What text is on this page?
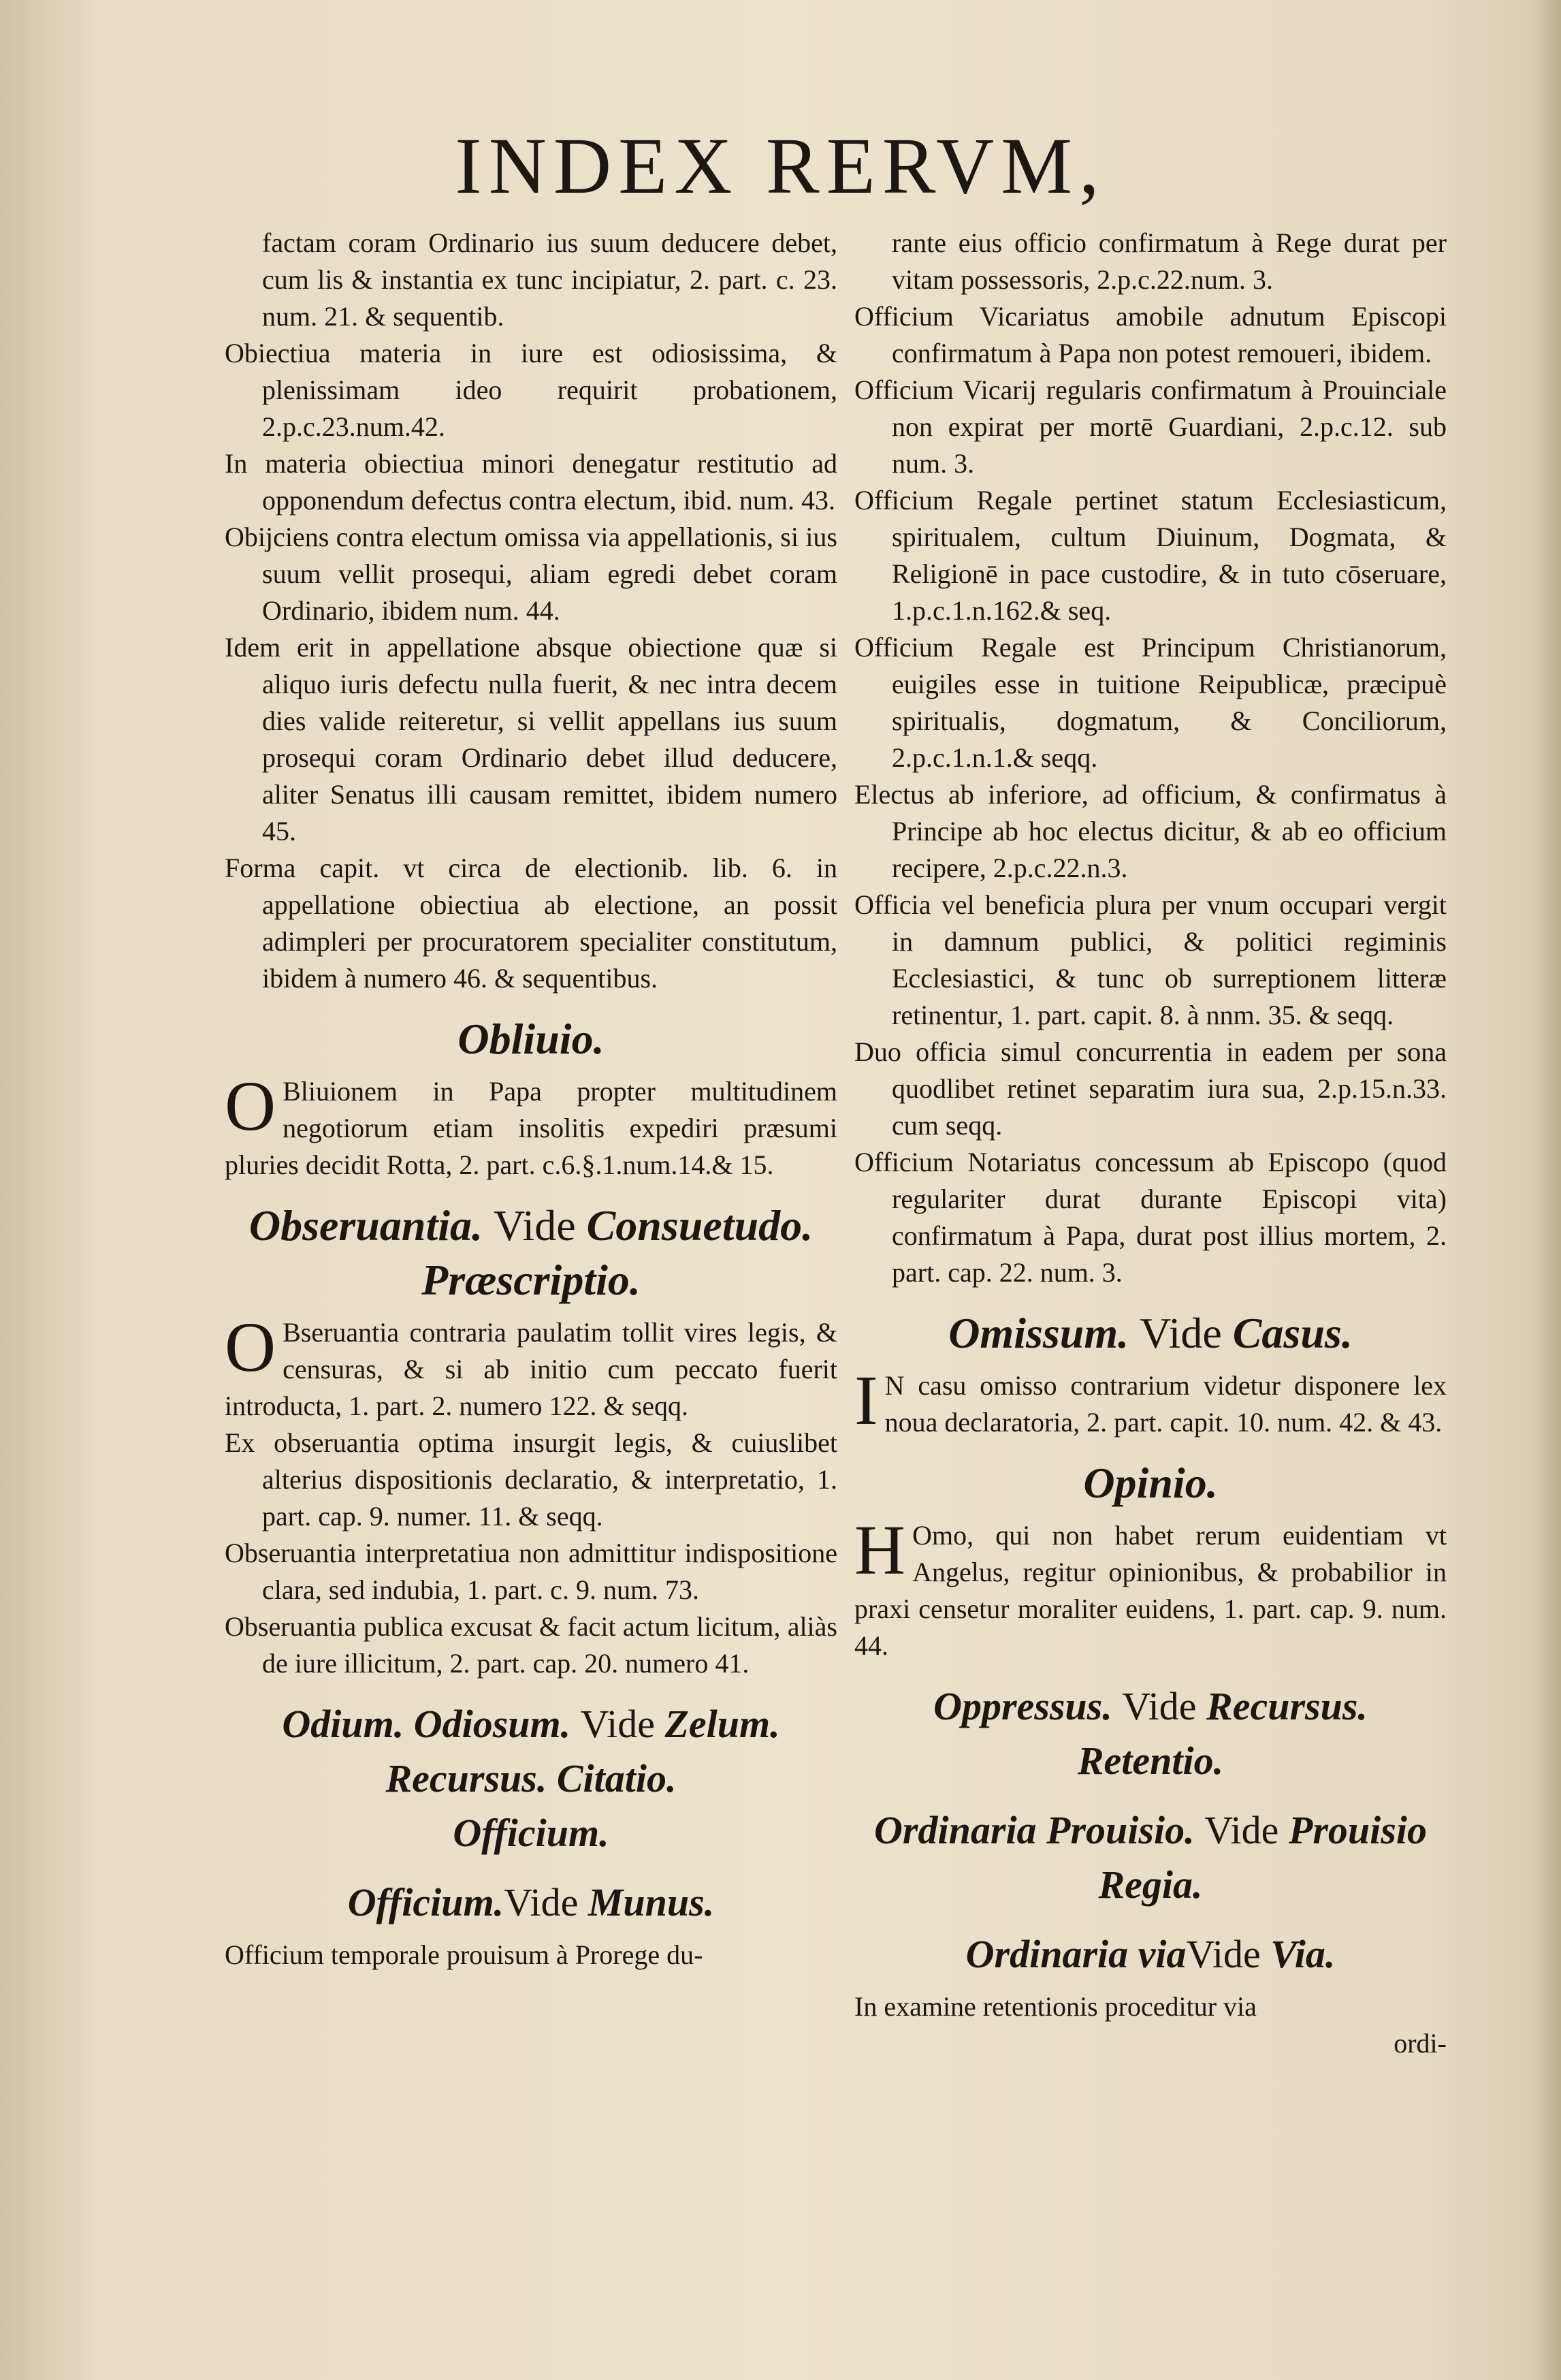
INDEX RERVM,
factam coram Ordinario ius suum deducere debet, cum lis & instantia ex tunc incipiatur, 2. part. c. 23. num. 21. & sequentib.
Obiectiua materia in iure est odiosissima, & plenissimam ideo requirit probationem, 2.p.c.23.num.42.
In materia obiectiua minori denegatur restitutio ad opponendum defectus contra electum, ibid. num. 43.
Obijciens contra electum omissa via appellationis, si ius suum vellit prosequi, aliam egredi debet coram Ordinario, ibidem num. 44.
Idem erit in appellatione absque obiectione quæ si aliquo iuris defectu nulla fuerit, & nec intra decem dies valide reiteretur, si vellit appellans ius suum prosequi coram Ordinario debet illud deducere, aliter Senatus illi causam remittet, ibidem numero 45.
Forma capit. vt circa de electionib. lib. 6. in appellatione obiectiua ab electione, an possit adimpleri per procuratorem specialiter constitutum, ibidem à numero 46. & sequentibus.
Obliuio.
O Bliuionem in Papa propter multitudinem negotiorum etiam insolitis expediri præsumi pluries decidit Rotta, 2. part. c.6.§.1.num.14.& 15.
Obseruantia. Vide Consuetudo.
Præscriptio.
O Bseruantia contraria paulatim tollit vires legis, & censuras, & si ab initio cum peccato fuerit introducta, 1. part. 2. numero 122. & seqq.
Ex obseruantia optima insurgit legis, & cuiuslibet alterius dispositionis declaratio, & interpretatio, 1. part. cap. 9. numer. 11. & seqq.
Obseruantia interpretatiua non admittitur indispositione clara, sed indubia, 1. part. c. 9. num. 73.
Obseruantia publica excusat & facit actum licitum, aliàs de iure illicitum, 2. part. cap. 20. numero 41.
Odium. Odiosum. Vide Zelum.
Recursus. Citatio.
Officium.
Officium.Vide Munus.
Officium temporale prouisum à Prorege du-
rante eius officio confirmatum à Rege durat per vitam possessoris, 2.p.c.22.num. 3.
Officium Vicariatus amobile adnutum Episcopi confirmatum à Papa non potest remoueri, ibidem.
Officium Vicarij regularis confirmatum à Prouinciale non expirat per mortē Guardiani, 2.p.c.12. sub num. 3.
Officium Regale pertinet statum Ecclesiasticum, spiritualem, cultum Diuinum, Dogmata, & Religionē in pace custodire, & in tuto cōseruare, 1.p.c.1.n.162.& seq.
Officium Regale est Principum Christianorum, euigiles esse in tuitione Reipublicæ, præcipuè spiritualis, dogmatum, & Conciliorum, 2.p.c.1.n.1.& seqq.
Electus ab inferiore, ad officium, & confirmatus à Principe ab hoc electus dicitur, & ab eo officium recipere, 2.p.c.22.n.3.
Officia vel beneficia plura per vnum occupari vergit in damnum publici, & politici regiminis Ecclesiastici, & tunc ob surreptionem litteræ retinentur, 1. part. capit. 8. à nnm. 35. & seqq.
Duo officia simul concurrentia in eadem per sona quodlibet retinet separatim iura sua, 2.p.15.n.33. cum seqq.
Officium Notariatus concessum ab Episcopo (quod regulariter durat durante Episcopi vita) confirmatum à Papa, durat post illius mortem, 2. part. cap. 22. num. 3.
Omissum. Vide Casus.
I N casu omisso contrarium videtur disponere lex noua declaratoria, 2. part. capit. 10. num. 42. & 43.
Opinio.
H Omo, qui non habet rerum euidentiam vt Angelus, regitur opinionibus, & probabilior in praxi censetur moraliter euidens, 1. part. cap. 9. num. 44.
Oppressus. Vide Recursus.
Retentio.
Ordinaria Prouisio. Vide Prouisio Regia.
Ordinaria viaVide Via.
In examine retentionis proceditur via
ordi-
